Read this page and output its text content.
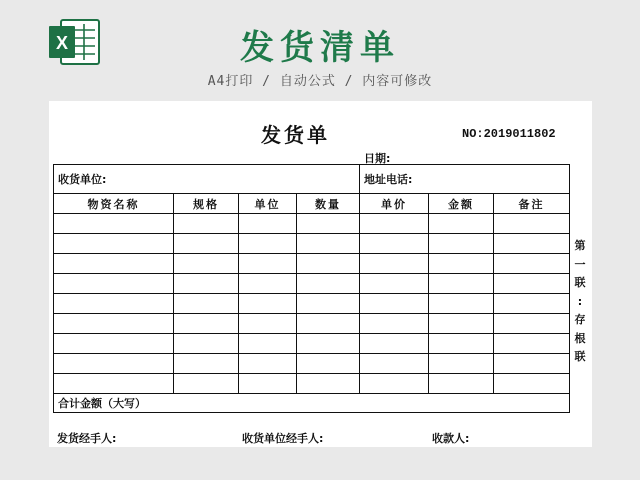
X	发货清单
A4打印 / 自动公式 / 内容可修改
发货单	NO:2019011802
日期:
收货单位:				地址电话:		
物资名称	规格	单位	数量	单价	金额	备注

合计金额（大写）						
第
一
联
:
存
根
联
发货经手人:	收货单位经手人:	收款人:
